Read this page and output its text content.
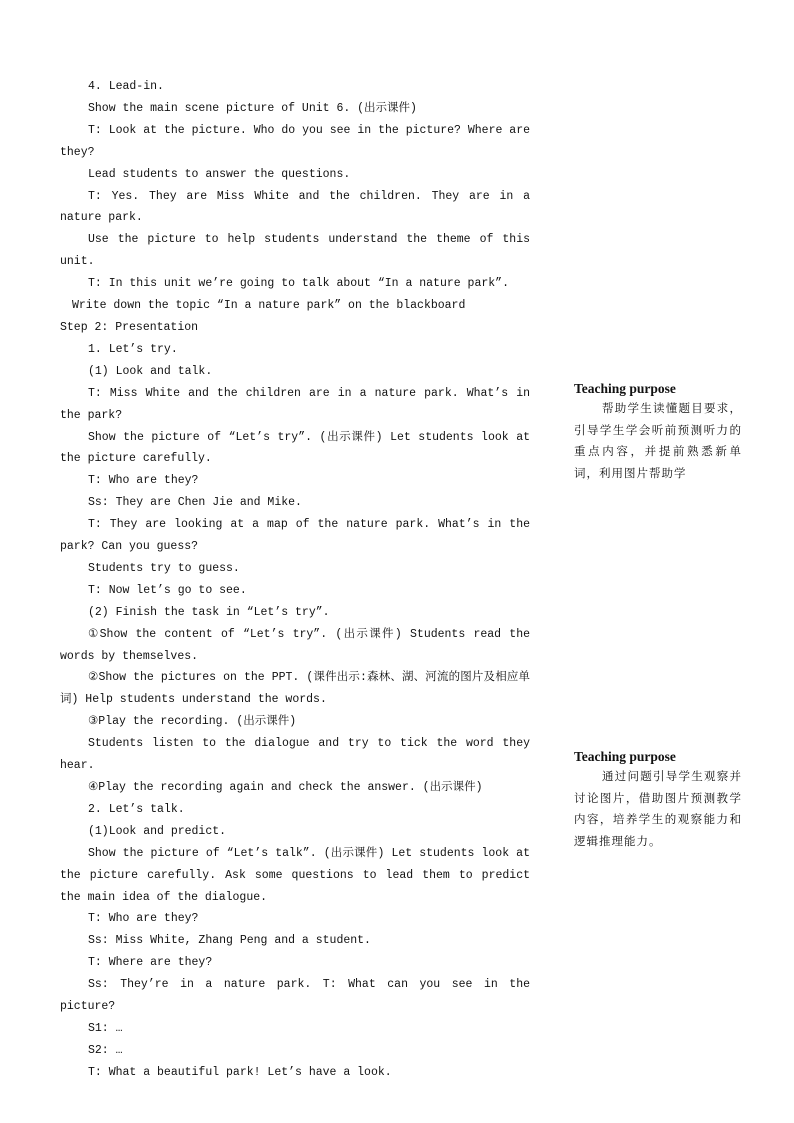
4. Lead-in.

Show the main scene picture of Unit 6. (出示课件)

T: Look at the picture. Who do you see in the picture? Where are they?

Lead students to answer the questions.

T: Yes. They are Miss White and the children. They are in a nature park.

Use the picture to help students understand the theme of this unit.

T: In this unit we’re going to talk about “In a nature park”.

Write down the topic “In a nature park” on the blackboard

Step 2: Presentation

1. Let’s try.

(1) Look and talk.

T: Miss White and the children are in a nature park. What’s in the park?

Show the picture of “Let’s try”. (出示课件) Let students look at the picture carefully.

T: Who are they?

Ss: They are Chen Jie and Mike.

T: They are looking at a map of the nature park. What’s in the park? Can you guess?

Students try to guess.

T: Now let’s go to see.

(2) Finish the task in “Let’s try”.

①Show the content of “Let’s try”. (出示课件) Students read the words by themselves.

②Show the pictures on the PPT. (课件出示:森林、湖、河流的图片及相应单词) Help students understand the words.

③Play the recording. (出示课件)

Students listen to the dialogue and try to tick the word they hear.

④Play the recording again and check the answer. (出示课件)

2. Let’s talk.

(1)Look and predict.

Show the picture of “Let’s talk”. (出示课件) Let students look at the picture carefully. Ask some questions to lead them to predict the main idea of the dialogue.

T: Who are they?

Ss: Miss White, Zhang Peng and a student.

T: Where are they?

Ss: They’re in a nature park. T: What can you see in the picture?

S1: …

S2: …

T: What a beautiful park! Let’s have a look.

Teaching purpose

帮助学生读懂题目要求，引导学生学会听前预测听力的重点内容，并提前熟悉新单词，利用图片帮助学

Teaching purpose

通过问题引导学生观察并讨论图片，借助图片预测教学内容，培养学生的观察能力和逻辑推理能力。
